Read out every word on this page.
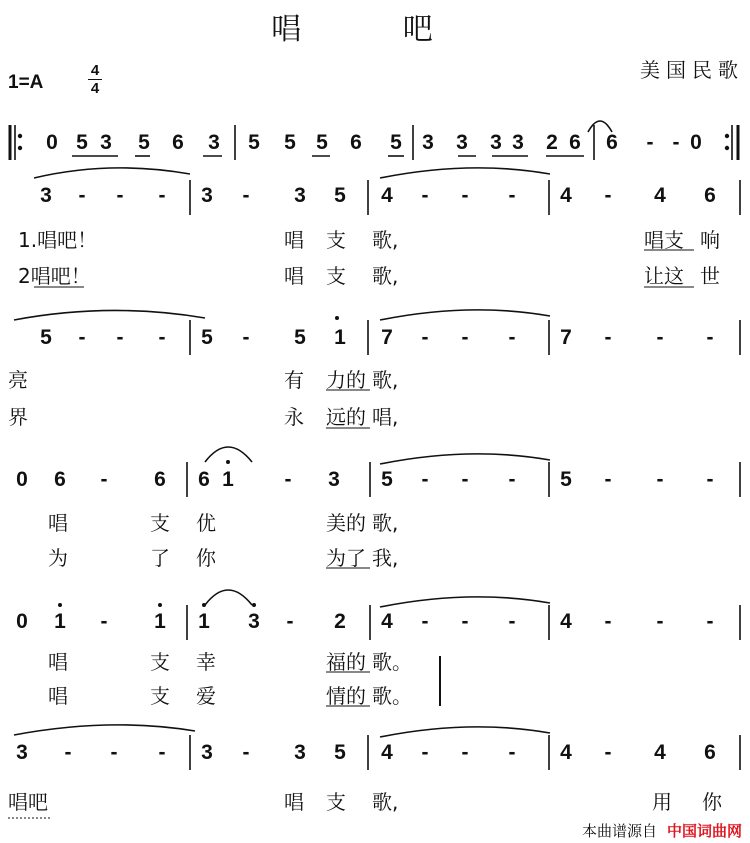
唱 吧
美国民歌
1=A
4
4
0 5 3 5 6 3 5 5 5 6 5 3 3 3 3 2 6 6	- - 0
3	-	-	-	3	-	3 5 4	-	-	-	4	-	4 6
5	-	-	-	5	-	5 1 7	-	-	-	7	-	-	-
0 6	-	6 6 1	-	3 5	-	-	-	5	-	-	-
0 1	-	1 1 3	-	2 4	-	-	-	4	-	-	-
3	-	-	-	3	-	3 5 4	-	-	-	4	-	4 6
1.唱吧！	唱 支 歌,	唱支 响
2唱吧！	唱 支 歌,	让这 世
亮	有 力的 歌,
界	永 远的 唱,
唱	支 优	美的 歌,
为	了 你	为了 我,
唱	支 幸	福的 歌。
唱	支 爱	情的 歌。
唱吧	唱 支 歌,	用 你
本曲谱源自 中国词曲网
